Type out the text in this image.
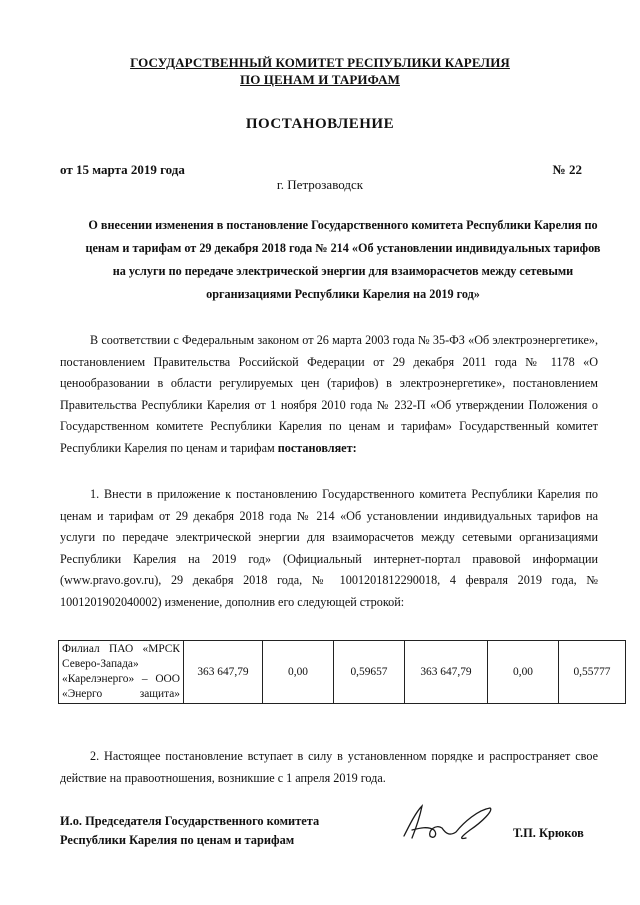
ГОСУДАРСТВЕННЫЙ КОМИТЕТ РЕСПУБЛИКИ КАРЕЛИЯ
ПО ЦЕНАМ И ТАРИФАМ
ПОСТАНОВЛЕНИЕ
от 15 марта 2019 года	№ 22
г. Петрозаводск
О внесении изменения в постановление Государственного комитета Республики Карелия по ценам и тарифам от 29 декабря 2018 года № 214 «Об установлении индивидуальных тарифов на услуги по передаче электрической энергии для взаиморасчетов между сетевыми организациями Республики Карелия на 2019 год»

В соответствии с Федеральным законом от 26 марта 2003 года № 35-ФЗ «Об электроэнергетике», постановлением Правительства Российской Федерации от 29 декабря 2011 года № 1178 «О ценообразовании в области регулируемых цен (тарифов) в электроэнергетике», постановлением Правительства Республики Карелия от 1 ноября 2010 года № 232-П «Об утверждении Положения о Государственном комитете Республики Карелия по ценам и тарифам» Государственный комитет Республики Карелия по ценам и тарифам постановляет:

1. Внести в приложение к постановлению Государственного комитета Республики Карелия по ценам и тарифам от 29 декабря 2018 года № 214 «Об установлении индивидуальных тарифов на услуги по передаче электрической энергии для взаиморасчетов между сетевыми организациями Республики Карелия на 2019 год» (Официальный интернет-портал правовой информации (www.pravo.gov.ru), 29 декабря 2018 года, № 1001201812290018, 4 февраля 2019 года, № 1001201902040002) изменение, дополнив его следующей строкой:

Филиал ПАО «МРСК Северо-Запада» «Карелэнерго» – ООО «Энерго защита»	363 647,79	0,00	0,59657	363 647,79	0,00	0,55777

2. Настоящее постановление вступает в силу в установленном порядке и распространяет свое действие на правоотношения, возникшие с 1 апреля 2019 года.

И.о. Председателя Государственного комитета
Республики Карелия по ценам и тарифам	Т.П. Крюков
